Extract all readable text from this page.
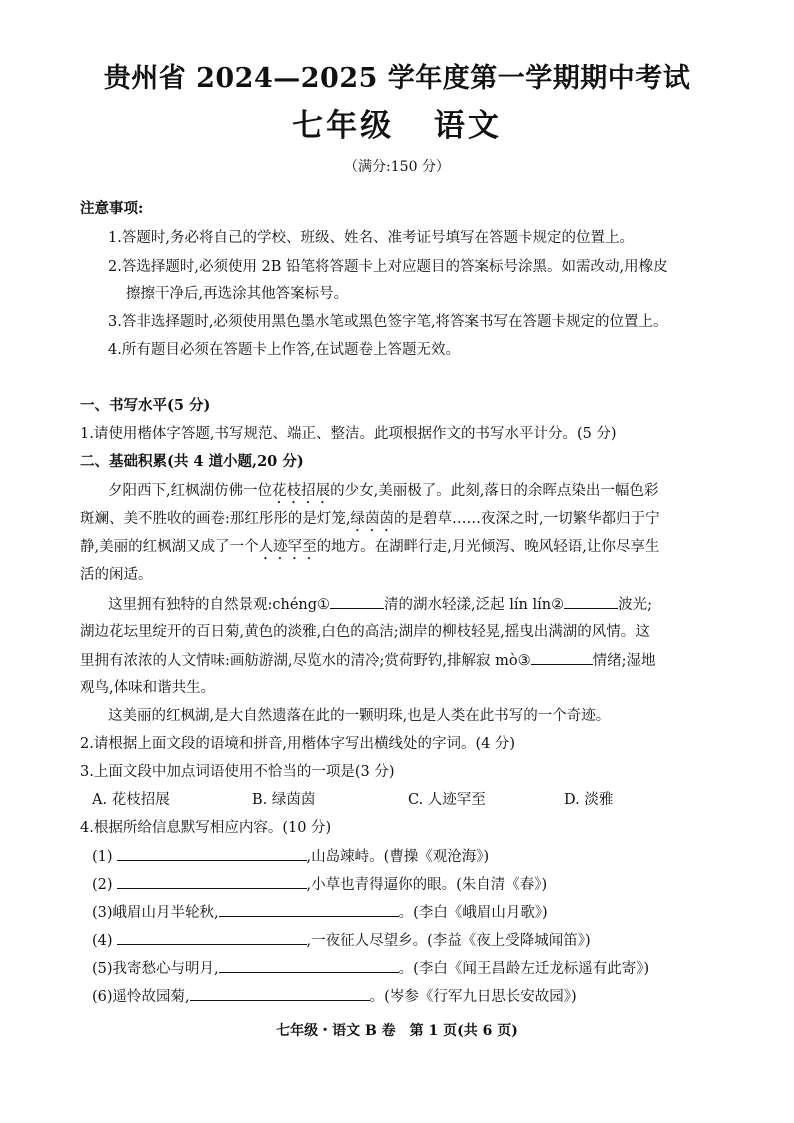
贵州省 2024—2025 学年度第一学期期中考试
七年级 语文
（满分:150 分）
注意事项:
1.答题时,务必将自己的学校、班级、姓名、准考证号填写在答题卡规定的位置上。
2.答选择题时,必须使用 2B 铅笔将答题卡上对应题目的答案标号涂黑。如需改动,用橡皮
擦擦干净后,再选涂其他答案标号。
3.答非选择题时,必须使用黑色墨水笔或黑色签字笔,将答案书写在答题卡规定的位置上。
4.所有题目必须在答题卡上作答,在试题卷上答题无效。
一、书写水平(5 分)
1.请使用楷体字答题,书写规范、端正、整洁。此项根据作文的书写水平计分。(5 分)
二、基础积累(共 4 道小题,20 分)
夕阳西下,红枫湖仿佛一位花枝招展的少女,美丽极了。此刻,落日的余晖点染出一幅色彩
斑斓、美不胜收的画卷:那红彤彤的是灯笼,绿茵茵的是碧草……夜深之时,一切繁华都归于宁
静,美丽的红枫湖又成了一个人迹罕至的地方。在湖畔行走,月光倾泻、晚风轻语,让你尽享生
活的闲适。
这里拥有独特的自然景观:chéng①	清的湖水轻漾,泛起 lín lín②	波光;
湖边花坛里绽开的百日菊,黄色的淡雅,白色的高洁;湖岸的柳枝轻晃,摇曳出满湖的风情。这
里拥有浓浓的人文情味:画舫游湖,尽览水的清冷;赏荷野钓,排解寂 mò③	情绪;湿地
观鸟,体味和谐共生。
这美丽的红枫湖,是大自然遗落在此的一颗明珠,也是人类在此书写的一个奇迹。
2.请根据上面文段的语境和拼音,用楷体字写出横线处的字词。(4 分)
3.上面文段中加点词语使用不恰当的一项是(3 分)
A. 花枝招展	B. 绿茵茵	C. 人迹罕至	D. 淡雅
4.根据所给信息默写相应内容。(10 分)
(1)	,山岛竦峙。(曹操《观沧海》)
(2)	,小草也青得逼你的眼。(朱自清《春》)
(3)峨眉山月半轮秋,	。(李白《峨眉山月歌》)
(4)	,一夜征人尽望乡。(李益《夜上受降城闻笛》)
(5)我寄愁心与明月,	。(李白《闻王昌龄左迁龙标遥有此寄》)
(6)遥怜故园菊,	。(岑参《行军九日思长安故园》)
七年级・语文 B 卷　第 1 页(共 6 页)
